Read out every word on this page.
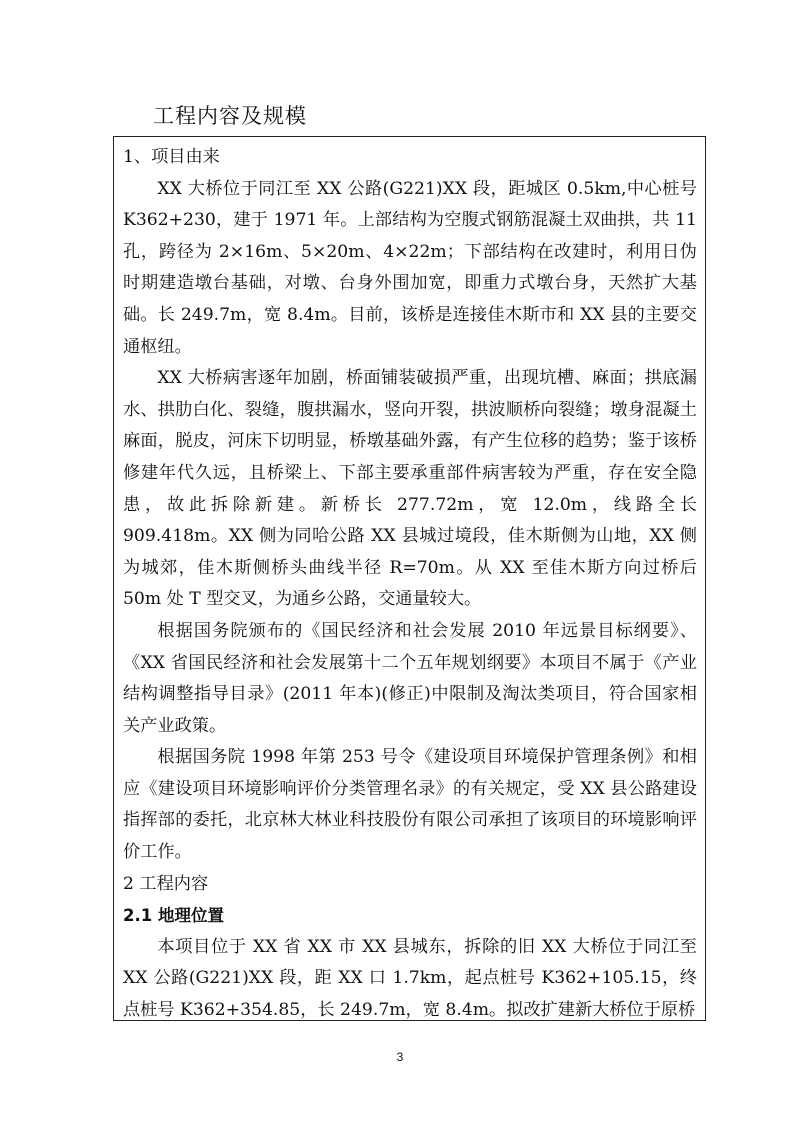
工程内容及规模

1、项目由来

XX 大桥位于同江至 XX 公路(G221)XX 段，距城区 0.5km,中心桩号 K362+230，建于 1971 年。上部结构为空腹式钢筋混凝土双曲拱，共 11 孔，跨径为 2×16m、5×20m、4×22m；下部结构在改建时，利用日伪时期建造墩台基础，对墩、台身外围加宽，即重力式墩台身，天然扩大基础。长 249.7m，宽 8.4m。目前，该桥是连接佳木斯市和 XX 县的主要交通枢纽。

XX 大桥病害逐年加剧，桥面铺装破损严重，出现坑槽、麻面；拱底漏水、拱肋白化、裂缝，腹拱漏水，竖向开裂，拱波顺桥向裂缝；墩身混凝土麻面，脱皮，河床下切明显，桥墩基础外露，有产生位移的趋势；鉴于该桥修建年代久远，且桥梁上、下部主要承重部件病害较为严重，存在安全隐患，故此拆除新建。新桥长 277.72m，宽 12.0m，线路全长 909.418m。XX 侧为同哈公路 XX 县城过境段，佳木斯侧为山地，XX 侧为城郊，佳木斯侧桥头曲线半径 R=70m。从 XX 至佳木斯方向过桥后 50m 处 T 型交叉，为通乡公路，交通量较大。

根据国务院颁布的《国民经济和社会发展 2010 年远景目标纲要》、《XX 省国民经济和社会发展第十二个五年规划纲要》本项目不属于《产业结构调整指导目录》(2011 年本)(修正)中限制及淘汰类项目，符合国家相关产业政策。

根据国务院 1998 年第 253 号令《建设项目环境保护管理条例》和相应《建设项目环境影响评价分类管理名录》的有关规定，受 XX 县公路建设指挥部的委托，北京林大林业科技股份有限公司承担了该项目的环境影响评价工作。

2 工程内容

2.1 地理位置

本项目位于 XX 省 XX 市 XX 县城东，拆除的旧 XX 大桥位于同江至 XX 公路(G221)XX 段，距 XX 口 1.7km，起点桩号 K362+105.15，终点桩号 K362+354.85，长 249.7m，宽 8.4m。拟改扩建新大桥位于原桥

3
